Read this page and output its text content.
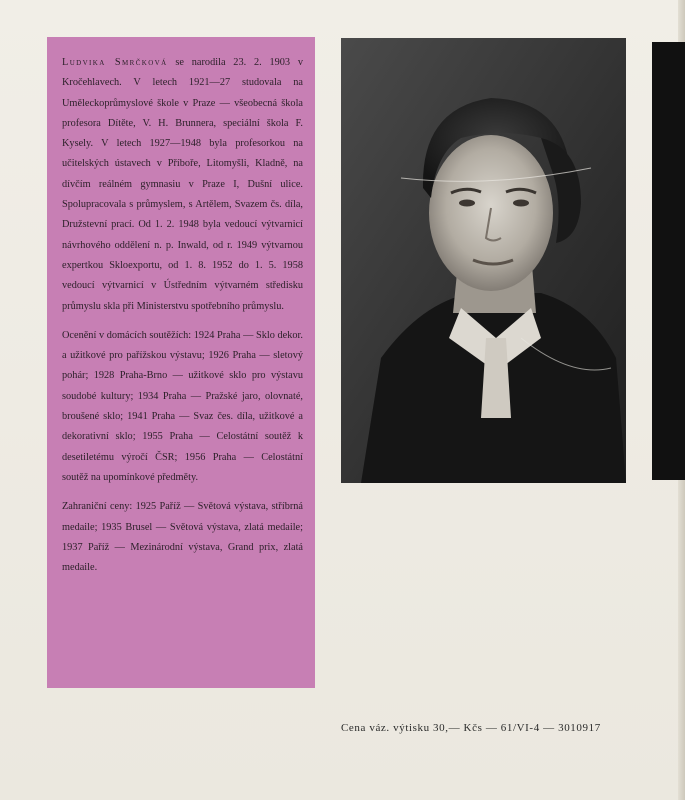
Ludvika Smrčková se narodila 23. 2. 1903 v Kročehlavech. V letech 1921—27 studovala na Uměleckoprůmyslové škole v Praze — všeobecná škola profesora Dítěte, V. H. Brunnera, speciální škola F. Kysely. V letech 1927—1948 byla profesorkou na učitelských ústavech v Příboře, Litomyšli, Kladně, na dívčím reálném gymnasiu v Praze I, Dušní ulice. Spolupracovala s průmyslem, s Artělem, Svazem čs. díla, Družstevní prací. Od 1. 2. 1948 byla vedoucí výtvarnicí návrhového oddělení n. p. Inwald, od r. 1949 výtvarnou expertkou Skloexportu, od 1. 8. 1952 do 1. 5. 1958 vedoucí výtvarnicí v Ústředním výtvarném středisku průmyslu skla při Ministerstvu spotřebního průmyslu.

Ocenění v domácích soutěžích: 1924 Praha — Sklo dekor. a užitkové pro pařížskou výstavu; 1926 Praha — sletový pohár; 1928 Praha-Brno — užitkové sklo pro výstavu soudobé kultury; 1934 Praha — Pražské jaro, olovnaté, broušené sklo; 1941 Praha — Svaz čes. díla, užitkové a dekorativní sklo; 1955 Praha — Celostátní soutěž k desetiletému výročí ČSR; 1956 Praha — Celostátní soutěž na upomínkové předměty.

Zahraniční ceny: 1925 Paříž — Světová výstava, stříbrná medaile; 1935 Brusel — Světová výstava, zlatá medaile; 1937 Paříž — Mezinárodní výstava, Grand prix, zlatá medaile.

Cena váz. výtisku 30,— Kčs — 61/VI-4 — 3010917
